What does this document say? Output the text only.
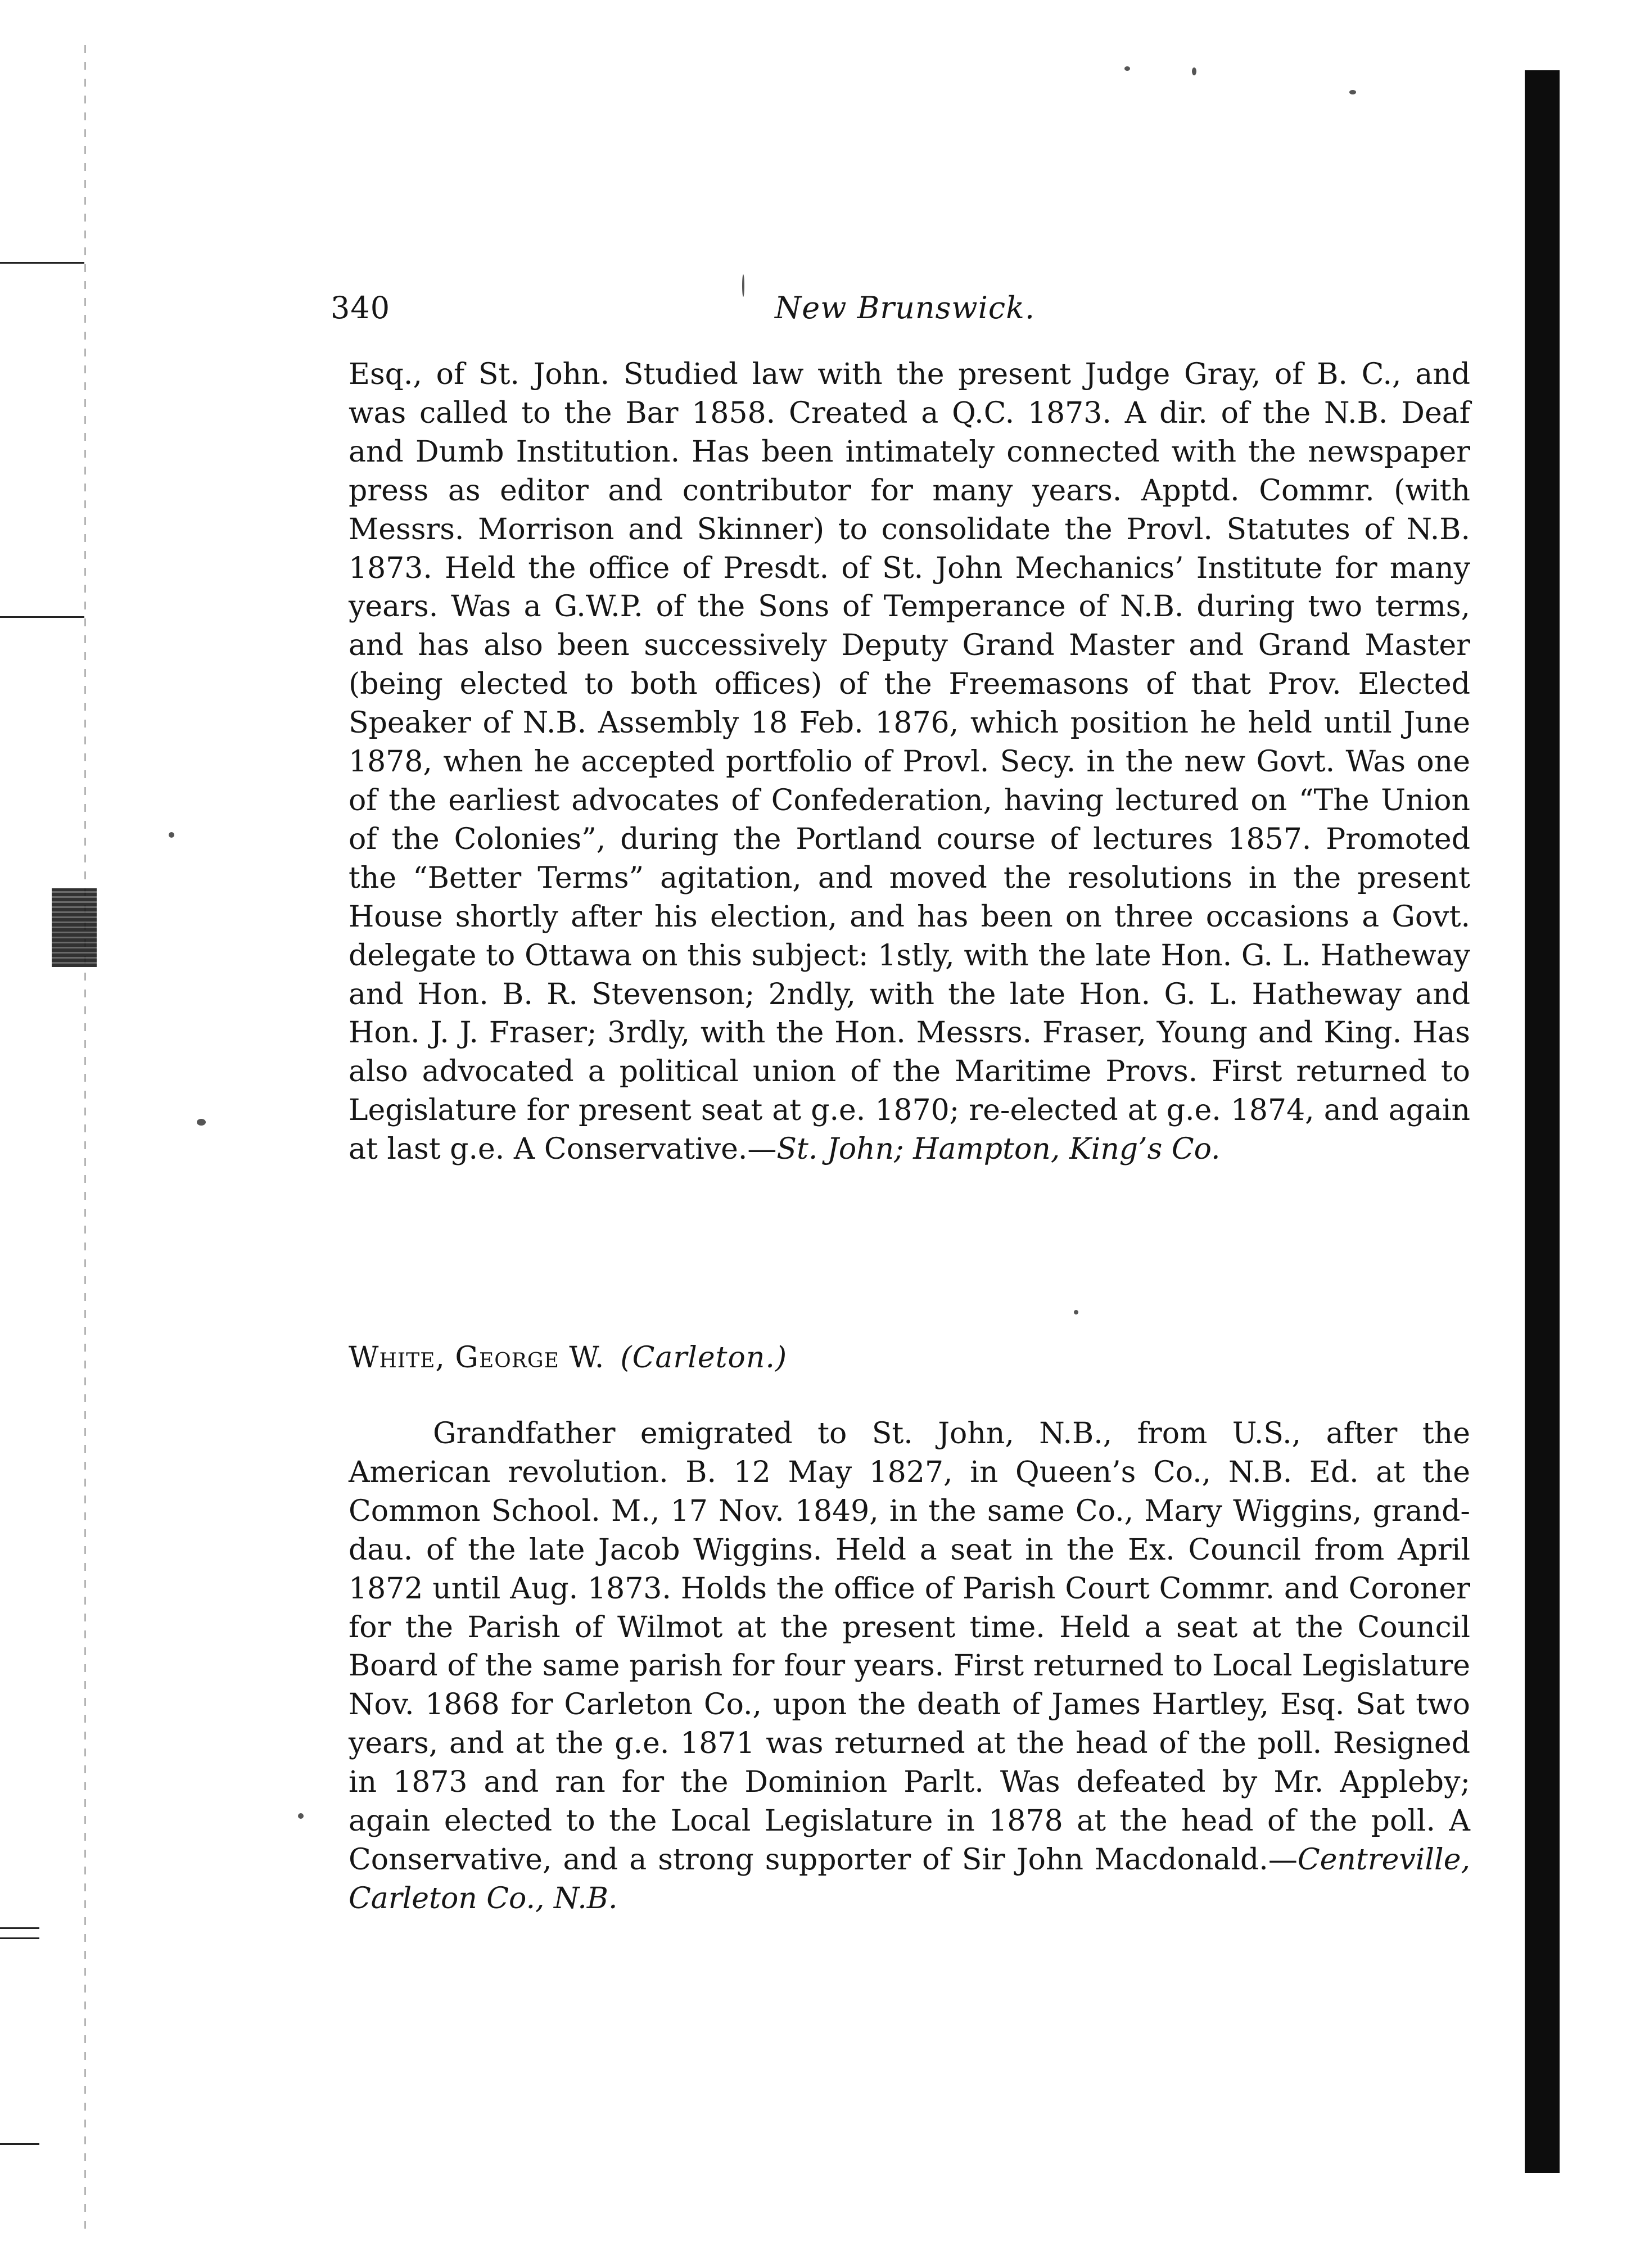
340	New Brunswick.

Esq., of St. John. Studied law with the present Judge Gray, of B. C., and was called to the Bar 1858. Created a Q.C. 1873. A dir. of the N.B. Deaf and Dumb Institution. Has been intimately connected with the newspaper press as editor and contributor for many years. Apptd. Commr. (with Messrs. Morrison and Skinner) to consolidate the Provl. Statutes of N.B. 1873. Held the office of Presdt. of St. John Mechanics’ Institute for many years. Was a G.W.P. of the Sons of Temperance of N.B. during two terms, and has also been successively Deputy Grand Master and Grand Master (being elected to both offices) of the Freemasons of that Prov. Elected Speaker of N.B. Assembly 18 Feb. 1876, which position he held until June 1878, when he accepted portfolio of Provl. Secy. in the new Govt. Was one of the earliest advocates of Confederation, having lectured on “The Union of the Colonies”, during the Portland course of lectures 1857. Promoted the “Better Terms” agitation, and moved the resolutions in the present House shortly after his election, and has been on three occasions a Govt. delegate to Ottawa on this subject: 1stly, with the late Hon. G. L. Hatheway and Hon. B. R. Stevenson; 2ndly, with the late Hon. G. L. Hatheway and Hon. J. J. Fraser; 3rdly, with the Hon. Messrs. Fraser, Young and King. Has also advocated a political union of the Maritime Provs. First returned to Legislature for present seat at g.e. 1870; re-elected at g.e. 1874, and again at last g.e. A Conservative.—St. John; Hampton, King’s Co.

White, George W. (Carleton.)

Grandfather emigrated to St. John, N.B., from U.S., after the American revolution. B. 12 May 1827, in Queen’s Co., N.B. Ed. at the Common School. M., 17 Nov. 1849, in the same Co., Mary Wiggins, grand-dau. of the late Jacob Wiggins. Held a seat in the Ex. Council from April 1872 until Aug. 1873. Holds the office of Parish Court Commr. and Coroner for the Parish of Wilmot at the present time. Held a seat at the Council Board of the same parish for four years. First returned to Local Legislature Nov. 1868 for Carleton Co., upon the death of James Hartley, Esq. Sat two years, and at the g.e. 1871 was returned at the head of the poll. Resigned in 1873 and ran for the Dominion Parlt. Was defeated by Mr. Appleby; again elected to the Local Legislature in 1878 at the head of the poll. A Conservative, and a strong supporter of Sir John Macdonald.—Centreville, Carleton Co., N.B.
